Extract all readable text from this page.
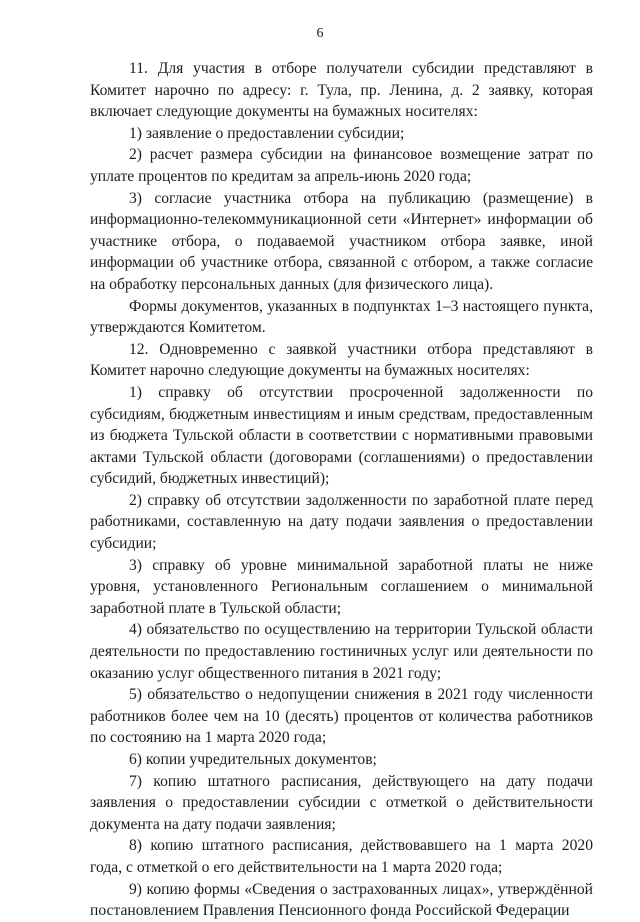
6

11. Для участия в отборе получатели субсидии представляют в Комитет нарочно по адресу: г. Тула, пр. Ленина, д. 2 заявку, которая включает следующие документы на бумажных носителях:

1) заявление о предоставлении субсидии;

2) расчет размера субсидии на финансовое возмещение затрат по уплате процентов по кредитам за апрель-июнь 2020 года;

3) согласие участника отбора на публикацию (размещение) в информационно-телекоммуникационной сети «Интернет» информации об участнике отбора, о подаваемой участником отбора заявке, иной информации об участнике отбора, связанной с отбором, а также согласие на обработку персональных данных (для физического лица).

Формы документов, указанных в подпунктах 1–3 настоящего пункта, утверждаются Комитетом.

12. Одновременно с заявкой участники отбора представляют в Комитет нарочно следующие документы на бумажных носителях:

1) справку об отсутствии просроченной задолженности по субсидиям, бюджетным инвестициям и иным средствам, предоставленным из бюджета Тульской области в соответствии с нормативными правовыми актами Тульской области (договорами (соглашениями) о предоставлении субсидий, бюджетных инвестиций);

2) справку об отсутствии задолженности по заработной плате перед работниками, составленную на дату подачи заявления о предоставлении субсидии;

3) справку об уровне минимальной заработной платы не ниже уровня, установленного Региональным соглашением о минимальной заработной плате в Тульской области;

4) обязательство по осуществлению на территории Тульской области деятельности по предоставлению гостиничных услуг или деятельности по оказанию услуг общественного питания в 2021 году;

5) обязательство о недопущении снижения в 2021 году численности работников более чем на 10 (десять) процентов от количества работников по состоянию на 1 марта 2020 года;

6) копии учредительных документов;

7) копию штатного расписания, действующего на дату подачи заявления о предоставлении субсидии с отметкой о действительности документа на дату подачи заявления;

8) копию штатного расписания, действовавшего на 1 марта 2020 года, с отметкой о его действительности на 1 марта 2020 года;

9) копию формы «Сведения о застрахованных лицах», утверждённой постановлением Правления Пенсионного фонда Российской Федерации
